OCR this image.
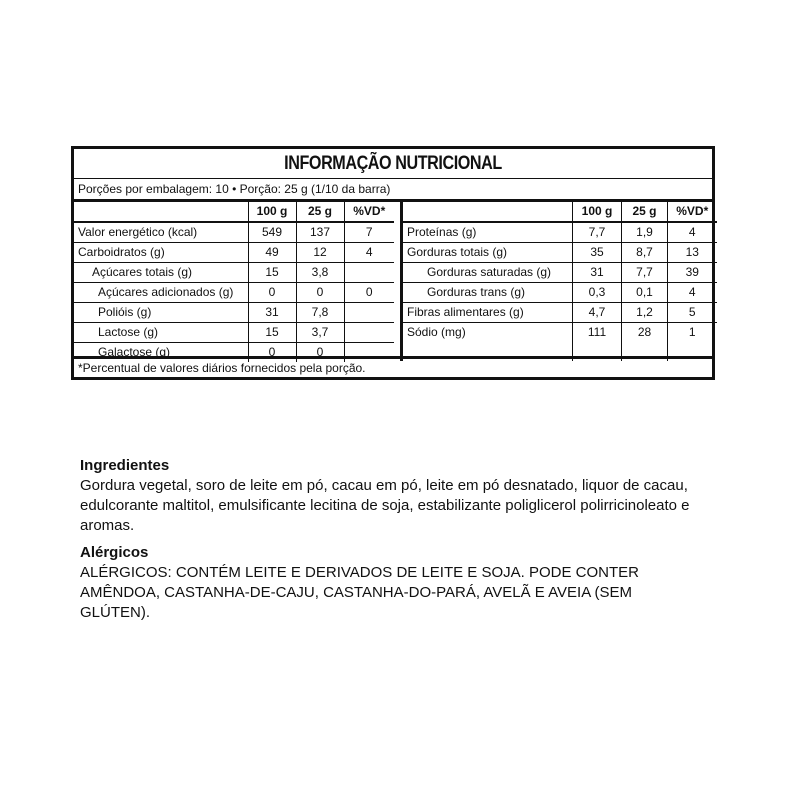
INFORMAÇÃO NUTRICIONAL
Porções por embalagem: 10 • Porção: 25 g (1/10 da barra)
	100 g	25 g	%VD*
Valor energético (kcal)	549	137	7
Carboidratos (g)	49	12	4
Açúcares totais (g)	15	3,8	
Açúcares adicionados (g)	0	0	0
Polióis (g)	31	7,8	
Lactose (g)	15	3,7	
Galactose (g)	0	0	
	100 g	25 g	%VD*
Proteínas (g)	7,7	1,9	4
Gorduras totais (g)	35	8,7	13
Gorduras saturadas (g)	31	7,7	39
Gorduras trans (g)	0,3	0,1	4
Fibras alimentares (g)	4,7	1,2	5
Sódio (mg)	111	28	1

*Percentual de valores diários fornecidos pela porção.
Ingredientes

Gordura vegetal, soro de leite em pó, cacau em pó, leite em pó desnatado, liquor de cacau, edulcorante maltitol, emulsificante lecitina de soja, estabilizante poliglicerol polirricinoleato e aromas.

Alérgicos

ALÉRGICOS: CONTÉM LEITE E DERIVADOS DE LEITE E SOJA. PODE CONTER AMÊNDOA, CASTANHA-DE-CAJU, CASTANHA-DO-PARÁ, AVELÃ E AVEIA (SEM GLÚTEN).
